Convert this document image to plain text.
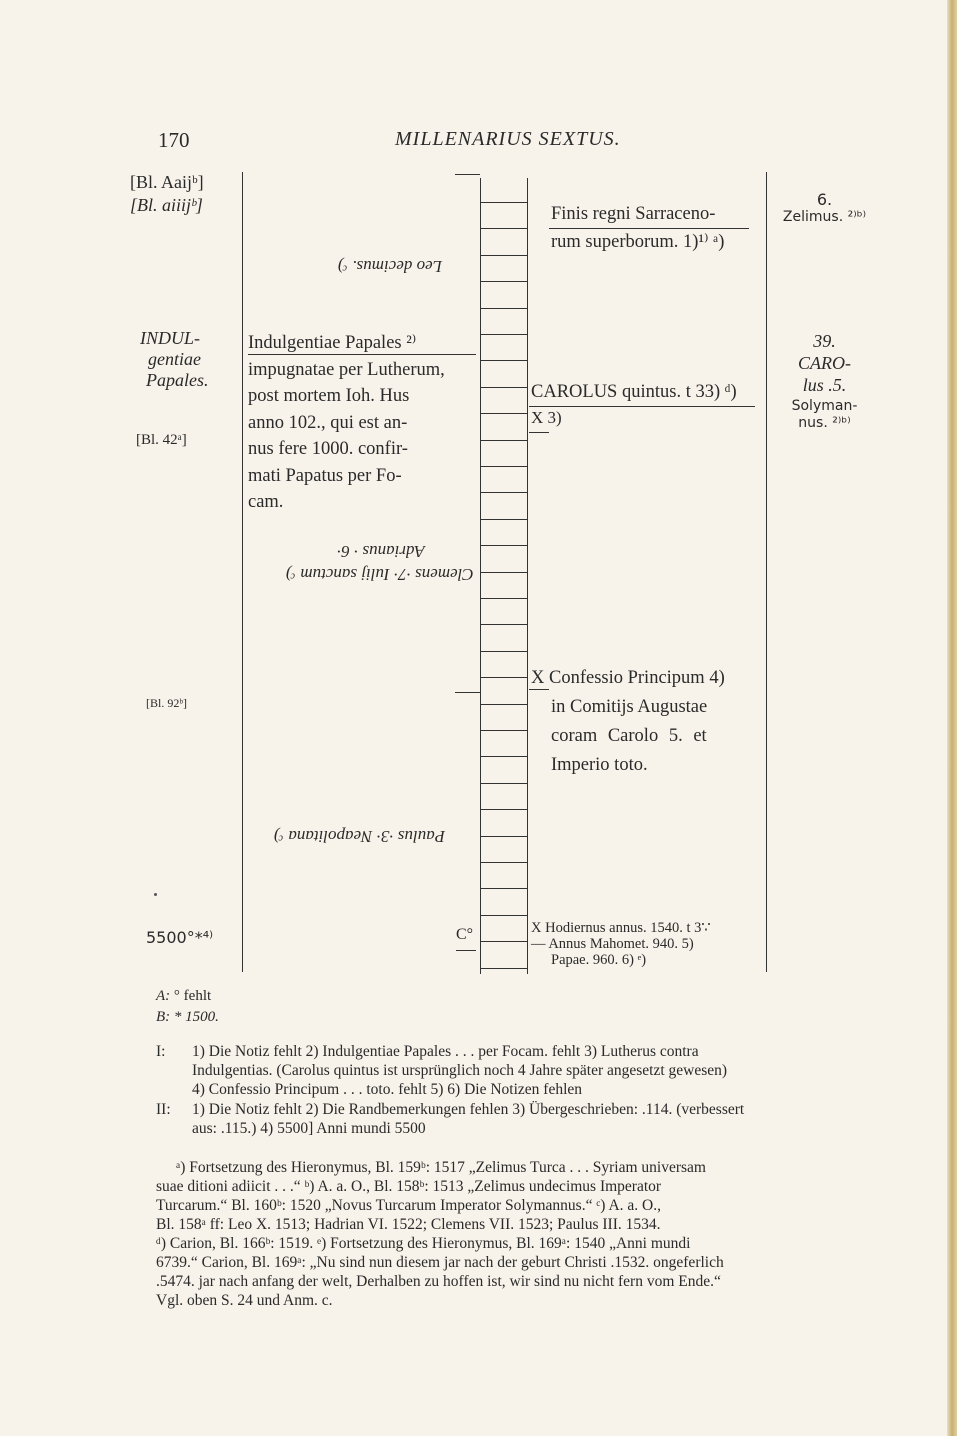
170	MILLENARIUS SEXTUS.
[Bl. Aaijᵇ]
[Bl. aiiijᵇ]
INDUL-
gentiae
Papales.
[Bl. 42ᵃ]
[Bl. 92ᵇ]
5500°*⁴⁾
Leo decimus. ᶜ)
Indulgentiae Papales ²⁾
impugnatae per Lutherum,
post mortem Ioh. Hus
anno 102., qui est an-
nus fere 1000. confir-
mati Papatus per Fo-
cam.
Adrianus · 6·
Clemens ·7· Iulij sanctum ᶜ)
Paulus ·3· Neapolitana ᶜ)
C°
Finis regni Sarraceno-
rum superborum. 1)¹⁾ ᵃ)
CAROLUS quintus. t 33) ᵈ)
X 3)
X Confessio Principum 4)
in Comitijs Augustae
coram Carolo 5. et
Imperio toto.
X Hodiernus annus. 1540. t 3∵
— Annus Mahomet. 940. 5)
Papae. 960. 6) ᵉ)
6.
Zelimus. ²⁾ᵇ⁾
39.
CARO-
lus .5.
Solyman-
nus. ²⁾ᵇ⁾
A: ° fehlt
B: * 1500.
I:	1) Die Notiz fehlt 2) Indulgentiae Papales . . . per Focam. fehlt 3) Lutherus contra
Indulgentias. (Carolus quintus ist ursprünglich noch 4 Jahre später angesetzt gewesen)
4) Confessio Principum . . . toto. fehlt 5) 6) Die Notizen fehlen
II:	1) Die Notiz fehlt 2) Die Randbemerkungen fehlen 3) Übergeschrieben: .114. (verbessert
aus: .115.) 4) 5500] Anni mundi 5500
ᵃ) Fortsetzung des Hieronymus, Bl. 159ᵇ: 1517 „Zelimus Turca . . . Syriam universam
suae ditioni adiicit . . .“ ᵇ) A. a. O., Bl. 158ᵇ: 1513 „Zelimus undecimus Imperator
Turcarum.“ Bl. 160ᵇ: 1520 „Novus Turcarum Imperator Solymannus.“ ᶜ) A. a. O.,
Bl. 158ᵃ ff: Leo X. 1513; Hadrian VI. 1522; Clemens VII. 1523; Paulus III. 1534.
ᵈ) Carion, Bl. 166ᵇ: 1519. ᵉ) Fortsetzung des Hieronymus, Bl. 169ᵃ: 1540 „Anni mundi
6739.“ Carion, Bl. 169ᵃ: „Nu sind nun diesem jar nach der geburt Christi .1532. ongeferlich
.5474. jar nach anfang der welt, Derhalben zu hoffen ist, wir sind nu nicht fern vom Ende.“
Vgl. oben S. 24 und Anm. c.
